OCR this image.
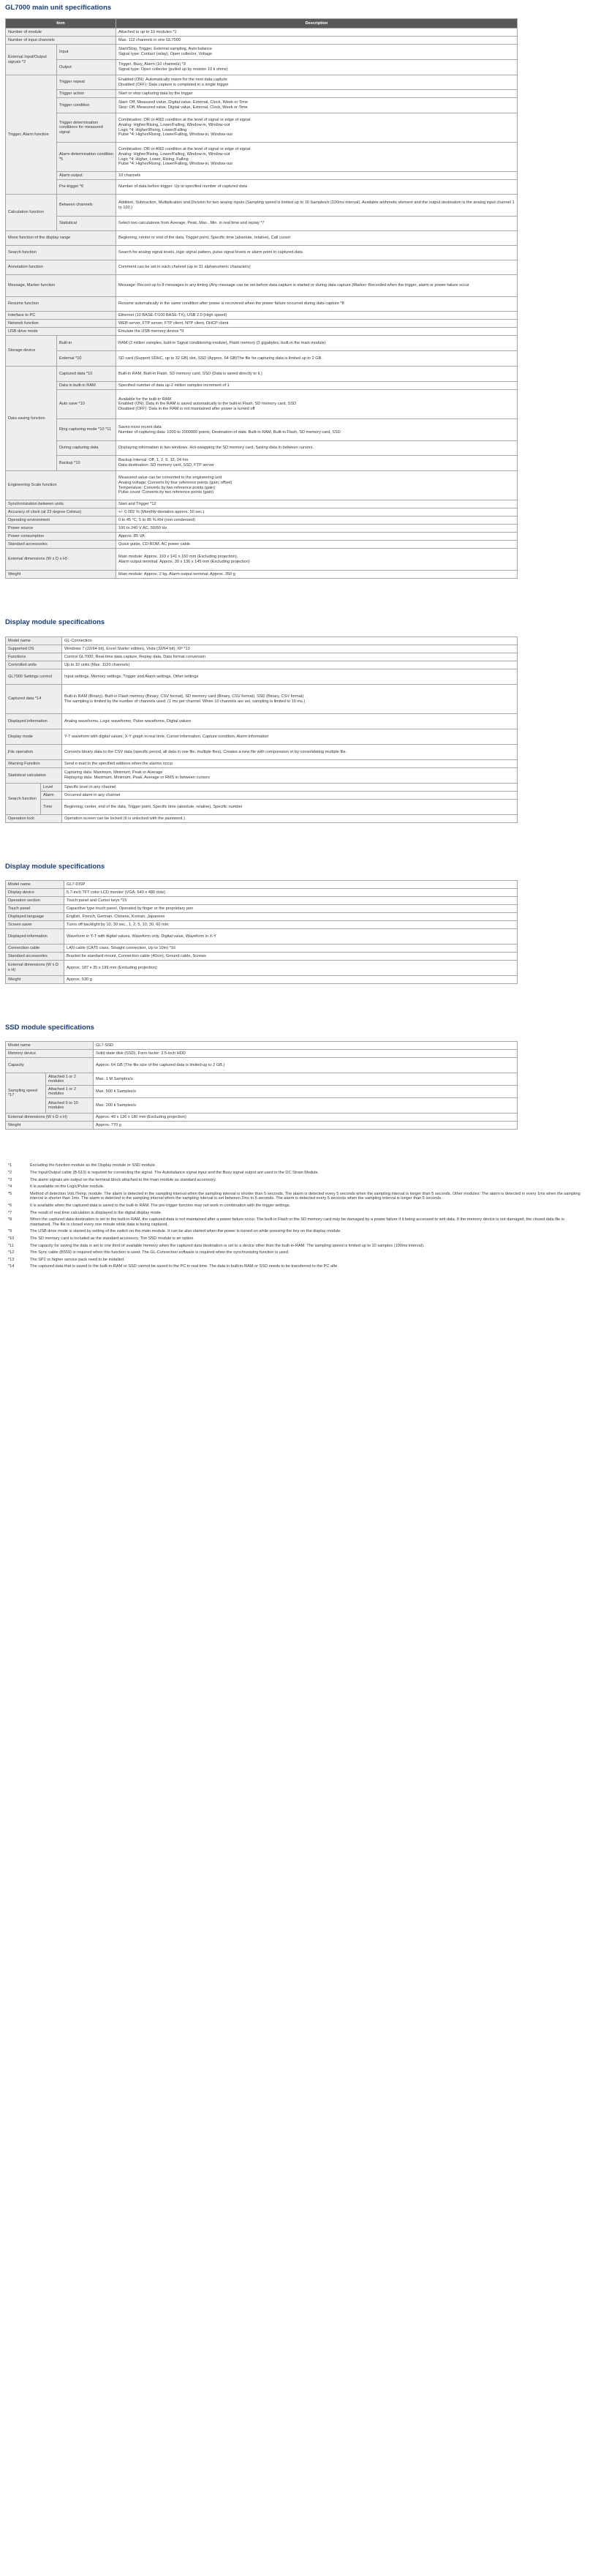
GL7000 main unit specifications
Item		Description
Number of module		Attached to up to 10 modules *1
Number of input channels		Max. 112 channels in one GL7000
External Input/Output signals *2	Input	Start/Stop, Trigger, External sampling, Auto balance
Signal type: Contact (relay), Open collector, Voltage
	Output	Trigger, Busy, Alarm (10 channels) *3
Signal type: Open collector (pulled up by resistor 10 k ohms)
Trigger, Alarm function	Trigger repeat	Enabled (ON): Automatically rearm for the next data capture
Disabled (OFF): Data capture is completed in a single trigger
	Trigger action	Start or stop capturing data by the trigger
	Trigger condition	Start: Off, Measured value, Digital value, External, Clock, Week or Time
Stop: Off, Measured value, Digital value, External, Clock, Week or Time
	Trigger determination conditions for measured signal	Combination: OR or AND condition at the level of signal or edge of signal
Analog: Higher/Rising, Lower/Falling, Window-in, Window-out
Logic *4: Higher/Rising, Lower/Falling
Pulse *4: Higher/Rising, Lower/Falling, Window-in, Window-out
	Alarm determination condition *5	Combination: OR or AND condition at the level of signal or edge of signal
Analog: Higher/Rising, Lower/Falling, Window-in, Window-out
Logic *4: Higher, Lower, Rising, Falling
Pulse *4: Higher/Rising, Lower/Falling, Window-in, Window-out
	Alarm output	10 channels
	Pre-trigger *6	Number of data before trigger: Up to specified number of captured data
Calculation function	Between channels	Addition, Subtraction, Multiplication and Division for two analog inputs (Sampling speed is limited up to 10 Samples/s (100ms interval). Available arithmetic element and the output destination is the analog input channel 1 to 100.)
	Statistical	Select two calculations from Average, Peak, Max., Min. in real time and replay *7
Move function of the display range		Beginning, center or end of the data, Trigger point, Specific time (absolute, relative), Call cursor
Search function		Search for analog signal levels, logic signal pattern, pulse signal levels or alarm point in captured data
Annotation function		Comment can be set in each channel (up to 31 alphanumeric characters)
Message, Marker function		Message: Record up to 8 messages in any timing (Any message can be set before data capture is started or during data capture.)Marker: Recorded when the trigger, alarm or power failure occur
Resume function		Resume automatically in the same condition after power is recovered when the power failure occurred during data capture *8
Interface to PC		Ethernet (10 BASE-T/100 BASE-TX), USB 2.0 (High speed)
Network function		WEB server, FTP server, FTP client, NTP client, DHCP client
USB drive mode		Emulate the USB memory device *9
Storage device	Built-in	RAM (2 million samples, built-in Signal conditioning module), Flash memory (2 gigabytes, built-in the main module)
	External *10	SD card (Support SDHC, up to 32 GB) slot, SSD (Approx. 64 GB)The file for capturing data is limited up to 2 GB.
Data saving function	Captured data *10	Built-in RAM, Built-in Flash, SD memory card, SSD (Data is saved directly to it.)
	Data in built-in RAM	Specified number of data up-2 million samples increment of 1
	Auto save *10	Available for the built-in RAM
Enabled (ON): Data in the RAM is saved automatically to the built-in Flash, SD memory card, SSD
Disabled (OFF): Data in the RAM is not maintained after power is turned off
	Ring capturing mode *10 *11	Saves most recent data
Number of capturing data: 1000 to 2000000 points, Destination of data: Built-in RAM, Built-in Flash, SD memory card, SSD
	During capturing data	Displaying information in two windows, Hot-swapping the SD memory card, Saving data in between cursors.
	Backup *10	Backup interval: Off, 1, 2, 6, 12, 24 hrs
Data destination: SD memory card, SSD, FTP server
Engineering Scale function		Measured value can be converted to the engineering unit
Analog voltage: Converts by four reference points (gain, offset)
Temperature: Converts by two reference points (gain)
Pulse count: Converts by two reference points (gain)
Synchronization between units		Start and Trigger *12
Accuracy of clock (at 23 degree Celsius)		+/- 0.002 % (Monthly deviation approx. 50 sec.)
Operating environment		0 to 45 °C, 5 to 85 % RH (non condensed)
Power source		100 to 240 V AC, 50/60 Hz
Power consumption		Approx. 85 VA
Standard accessories		Quick guide, CD-ROM, AC power cable
External dimensions (W x D x H)		Main module: Approx. 193 x 141 x 160 mm (Excluding projection),
Alarm output terminal: Approx. 30 x 136 x 145 mm (Excluding projection)
Weight		Main module: Approx. 2 kg, Alarm output terminal: Approx. 350 g
Display module specifications
Model name		GL-Connection
Supported OS		Windows 7 (32/64 bit), Excel Starter edition), Vista (32/64 bit), XP *13
Functions		Control GL7000, Real-time data capture, Replay data, Data format conversion
Controlled units		Up to 10 units (Max. 1120 channels)
GL7000 Settings control		Input settings, Memory settings, Trigger and Alarm settings, Other settings
Captured data *14		Built-in RAM (Binary), Built-in Flash memory (Binary, CSV format), SD memory card (Binary, CSV format), SSD (Binary, CSV format)
The sampling is limited by the number of channels used. (1 ms per channel. When 10 channels are set, sampling is limited to 10 ms.)
Displayed information		Analog waveforms, Logic waveforms, Pulse waveforms, Digital values
Display mode		Y-T waveform with digital values, X-Y graph in real time, Cursor information, Capture condition, Alarm information
File operation		Converts binary data to the CSV data (specific period, all data in one file, multiple files), Creates a new file with compression or by consolidating multiple file.
Warning Function		Send e-mail to the specified address when the alarms occur
Statistical calculation		Capturing data: Maximum, Minimum, Peak or Average
Replaying data: Maximum, Minimum, Peak, Average or RMS in between cursors
Search function	Level	Specific level in any channel
	Alarm	Occurred alarm in any channel
	Time	Beginning, center, end of the data, Trigger point, Specific time (absolute, relative), Specific number
Operation lock		Operation screen can be locked (It is unlocked with the password.)
Display module specifications
Model name	GL7-DISP
Display device	5.7-inch TFT color LCD monitor (VGA: 640 x 480 dots)
Operation section	Touch panel and Cursor keys *15
Touch panel	Capacitive type touch panel, Operated by finger or the proprietary pen
Displayed language	English, French, German, Chinese, Korean, Japanese
Screen saver	Turns off backlight by 10, 30 sec., 1, 2, 5, 10, 30, 60 min.
Displayed information	Waveform in Y-T with digital values, Waveform only, Digital value, Waveform in X-Y
Connection cable	LAN cable (CAT5 class, Straight connection, Up to 10m) *16
Standard accessories	Bracket for standard mount, Connection cable (40cm), Ground cable, Screws
External dimensions (W x D x H)	Approx. 187 x 35 x 199 mm (Excluding projection)
Weight	Approx. 530 g
SSD module specifications
Model name		GL7-SSD
Memory device		Solid state disk (SSD), Form factor: 2.5-inch HDD
Capacity		Approx. 64 GB (The file size of the captured data is limited up to 2 GB.)
Sampling speed *17	Attached 1 or 2 modules	Max. 1 M Samples/s
	Attached 1 or 2 modules	Max. 500 k Samples/s
	Attached 5 to 10 modules	Max. 200 k Samples/s
External dimensions (W x D x H)		Approx. 49 x 136 x 180 mm (Excluding projection)
Weight		Approx. 770 g
*1	Excluding the function module as the Display module or SSD module.
*2	The Input/Output cable (B-513) is required for connecting the signal. The Autobalance signal input and the Busy signal output are used in the DC Strain Module.
*3	The alarm signals are output on the terminal block attached to the main module as standard accessory.
*4	It is available on the Logic/Pulse module.
*5	Method of detection Volt./Temp. module: The alarm is detected in the sampling interval when the sampling interval is shorter than 5 seconds. The alarm is detected every 5 seconds when the sampling interval is longer than 5 seconds. Other modules: The alarm is detected in every 1ms when the sampling interval is shorter than 1ms. The alarm is detected in the sampling interval when the sampling interval is set between 2ms to 5 seconds. The alarm is detected every 5 seconds when the sampling interval is longer than 5 seconds.
*6	It is available when the captured data is saved to the built-in RAM. The pre-trigger function may not work in combination with the trigger settings.
*7	The result of real time calculation is displayed in the digital display mode.
*8	When the captured data destination is set to the built-in RAM, the captured data is not maintained after a power failure occur. The built-in Flash or the SD memory card may be damaged by a power failure if it being accessed to writ data. If the memory device is not damaged, the closed data file is maintained. The file is closed every one minute while data is being captured.
*9	The USB drive mode is started by setting of the switch on the main module. It can be also started when the power is turned on while pressing the key on the display module.
*10	The SD memory card is included as the standard accessory. The SSD module is an option.
*11	The capacity for saving the data is set to one third of available memory when the captured data destination is set to a device other than the built-in-RAM. The sampling speed is limited up to 10 samples (100ms interval).
*12	The Sync cable (B559) is required when this function is used. The GL-Connection software is required when the synchronizing function is used.
*13	The SP2 or higher service pack need to be installed.
*14	The captured data that is saved to the built-in-RAM or SSD cannot be saved to the PC in real time. The data in built-in-RAM or SSD needs to be transferred to the PC afte
